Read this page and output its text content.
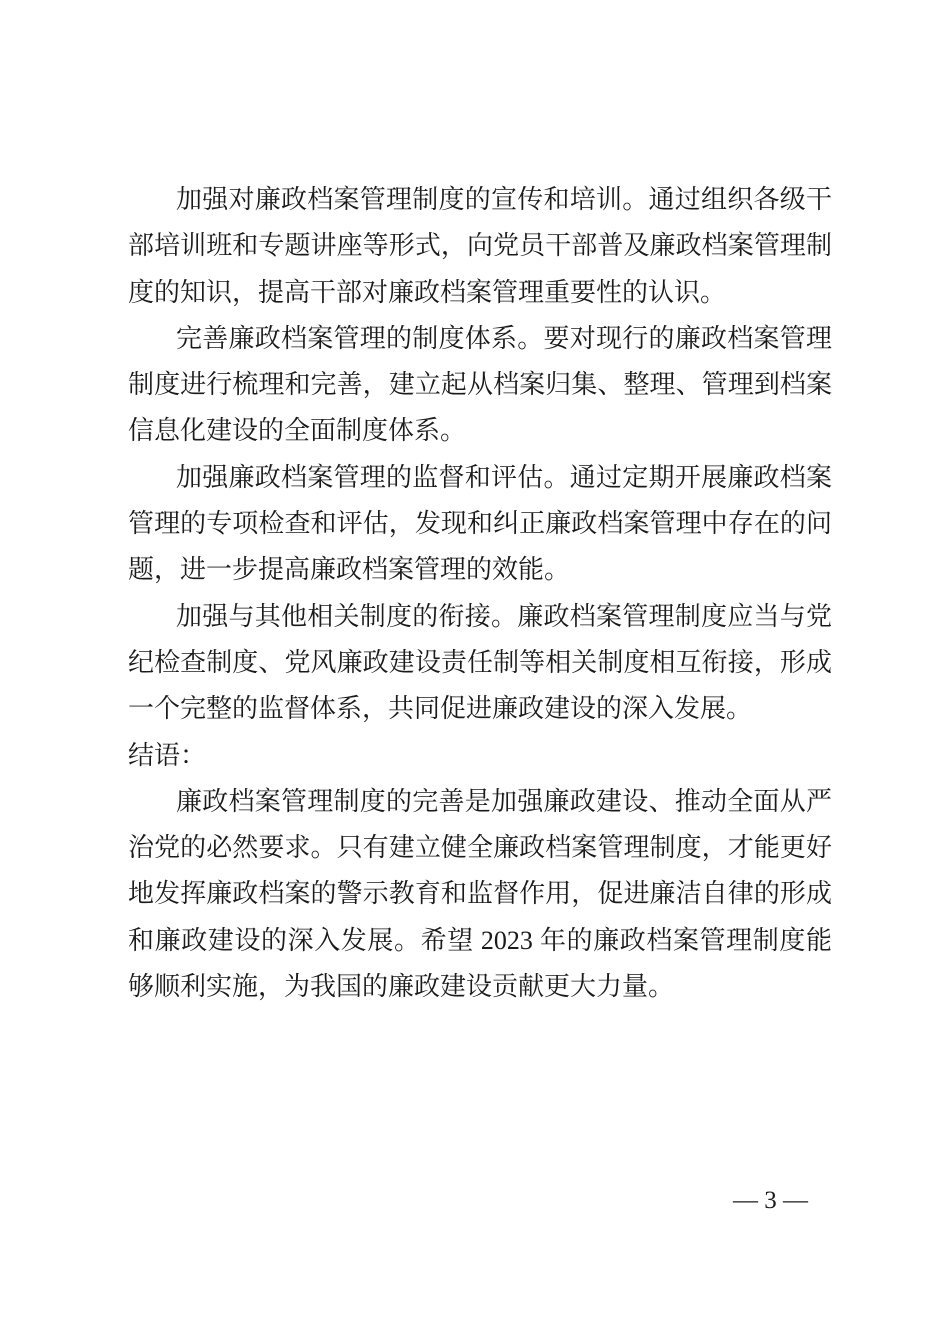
加强对廉政档案管理制度的宣传和培训。通过组织各级干部培训班和专题讲座等形式，向党员干部普及廉政档案管理制度的知识，提高干部对廉政档案管理重要性的认识。

完善廉政档案管理的制度体系。要对现行的廉政档案管理制度进行梳理和完善，建立起从档案归集、整理、管理到档案信息化建设的全面制度体系。

加强廉政档案管理的监督和评估。通过定期开展廉政档案管理的专项检查和评估，发现和纠正廉政档案管理中存在的问题，进一步提高廉政档案管理的效能。

加强与其他相关制度的衔接。廉政档案管理制度应当与党纪检查制度、党风廉政建设责任制等相关制度相互衔接，形成一个完整的监督体系，共同促进廉政建设的深入发展。

结语：

廉政档案管理制度的完善是加强廉政建设、推动全面从严治党的必然要求。只有建立健全廉政档案管理制度，才能更好地发挥廉政档案的警示教育和监督作用，促进廉洁自律的形成和廉政建设的深入发展。希望 2023 年的廉政档案管理制度能够顺利实施，为我国的廉政建设贡献更大力量。

— 3 —
